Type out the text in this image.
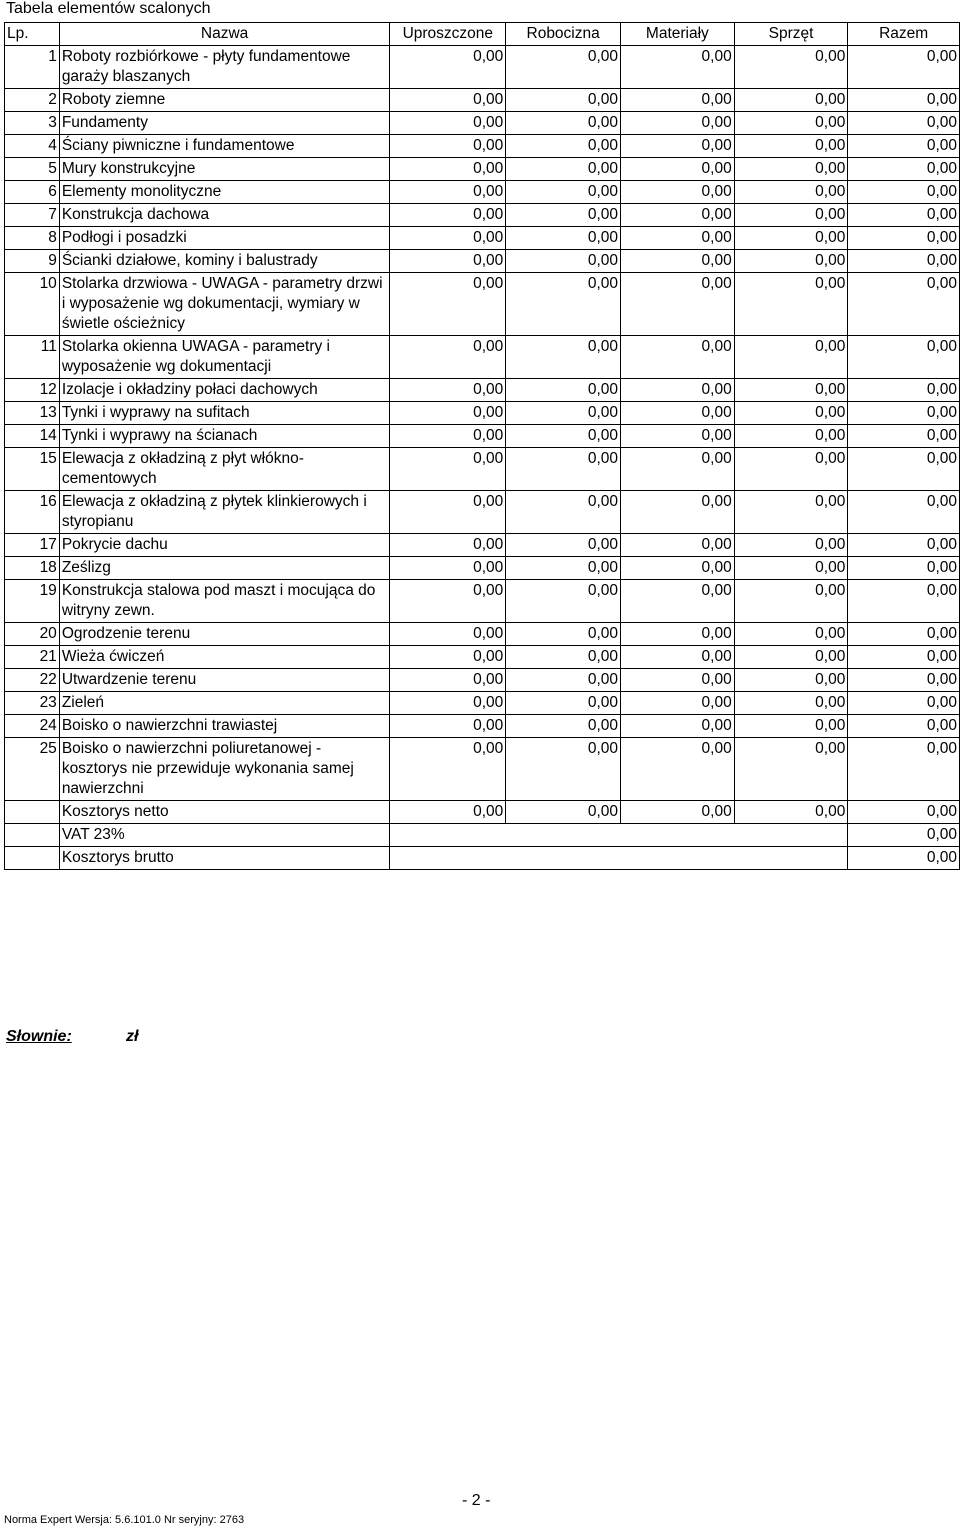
Tabela elementów scalonych
Lp.	Nazwa	Uproszczone	Robocizna	Materiały	Sprzęt	Razem
1	Roboty rozbiórkowe - płyty fundamentowe garaży blaszanych	0,00	0,00	0,00	0,00	0,00
2	Roboty ziemne	0,00	0,00	0,00	0,00	0,00
3	Fundamenty	0,00	0,00	0,00	0,00	0,00
4	Ściany piwniczne i fundamentowe	0,00	0,00	0,00	0,00	0,00
5	Mury konstrukcyjne	0,00	0,00	0,00	0,00	0,00
6	Elementy monolityczne	0,00	0,00	0,00	0,00	0,00
7	Konstrukcja dachowa	0,00	0,00	0,00	0,00	0,00
8	Podłogi i posadzki	0,00	0,00	0,00	0,00	0,00
9	Ścianki działowe, kominy i balustrady	0,00	0,00	0,00	0,00	0,00
10	Stolarka drzwiowa - UWAGA - parametry drzwi i wyposażenie wg dokumentacji, wymiary w świetle ościeżnicy	0,00	0,00	0,00	0,00	0,00
11	Stolarka okienna UWAGA - parametry i wyposażenie wg dokumentacji	0,00	0,00	0,00	0,00	0,00
12	Izolacje i okładziny połaci dachowych	0,00	0,00	0,00	0,00	0,00
13	Tynki i wyprawy na sufitach	0,00	0,00	0,00	0,00	0,00
14	Tynki i wyprawy na ścianach	0,00	0,00	0,00	0,00	0,00
15	Elewacja z okładziną z płyt włókno-cementowych	0,00	0,00	0,00	0,00	0,00
16	Elewacja z okładziną z płytek klinkierowych i styropianu	0,00	0,00	0,00	0,00	0,00
17	Pokrycie dachu	0,00	0,00	0,00	0,00	0,00
18	Ześlizg	0,00	0,00	0,00	0,00	0,00
19	Konstrukcja stalowa pod maszt i mocująca do witryny zewn.	0,00	0,00	0,00	0,00	0,00
20	Ogrodzenie terenu	0,00	0,00	0,00	0,00	0,00
21	Wieża ćwiczeń	0,00	0,00	0,00	0,00	0,00
22	Utwardzenie terenu	0,00	0,00	0,00	0,00	0,00
23	Zieleń	0,00	0,00	0,00	0,00	0,00
24	Boisko o nawierzchni trawiastej	0,00	0,00	0,00	0,00	0,00
25	Boisko o nawierzchni poliuretanowej - kosztorys nie przewiduje wykonania samej nawierzchni	0,00	0,00	0,00	0,00	0,00
	Kosztorys netto	0,00	0,00	0,00	0,00	0,00
	VAT 23%					0,00
	Kosztorys brutto					0,00
Słownie:	zł
- 2 -
Norma Expert Wersja: 5.6.101.0 Nr seryjny: 2763
